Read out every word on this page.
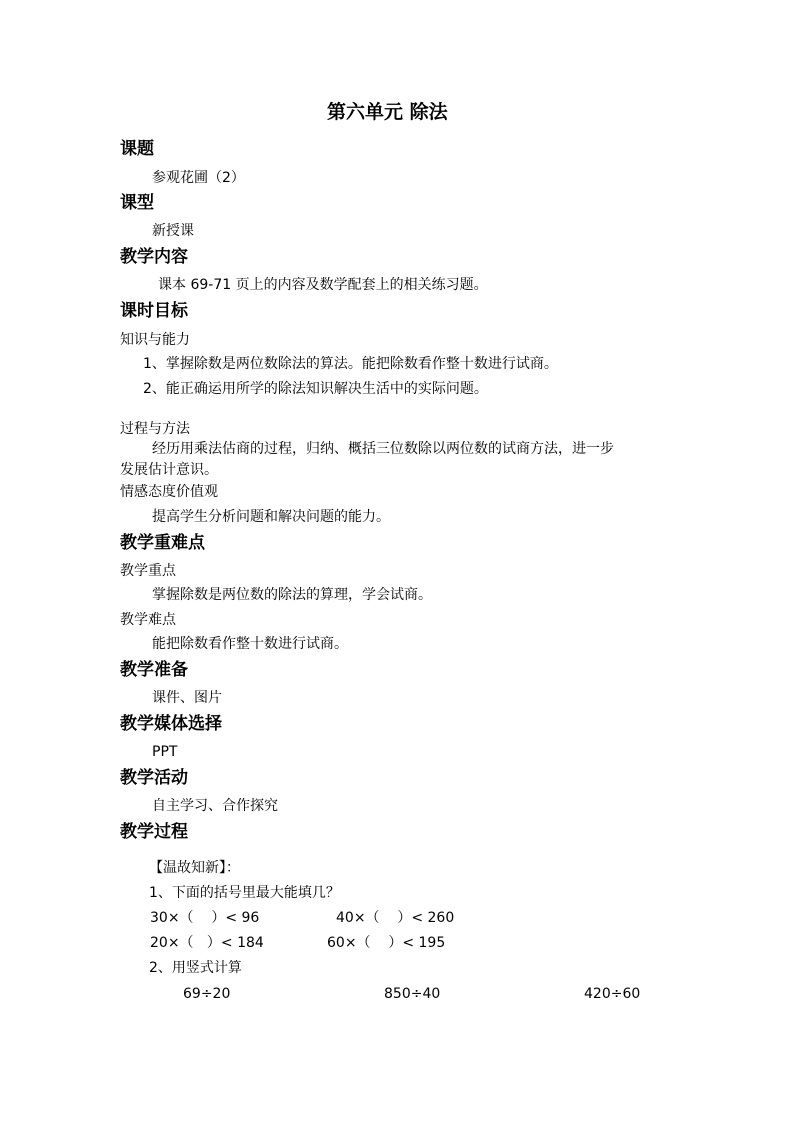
第六单元 除法
课题
参观花圃（2）
课型
新授课
教学内容
课本 69-71 页上的内容及数学配套上的相关练习题。
课时目标
知识与能力
1、掌握除数是两位数除法的算法。能把除数看作整十数进行试商。
2、能正确运用所学的除法知识解决生活中的实际问题。
过程与方法
经历用乘法估商的过程，归纳、概括三位数除以两位数的试商方法，进一步
发展估计意识。
情感态度价值观
提高学生分析问题和解决问题的能力。
教学重难点
教学重点
掌握除数是两位数的除法的算理，学会试商。
教学难点
能把除数看作整十数进行试商。
教学准备
课件、图片
教学媒体选择
PPT
教学活动
自主学习、合作探究
教学过程
【温故知新】：
1、下面的括号里最大能填几？
30×（    ）< 96	40×（    ）< 260
20×（   ）< 184	60×（    ）< 195
2、用竖式计算
69÷20	850÷40	420÷60
